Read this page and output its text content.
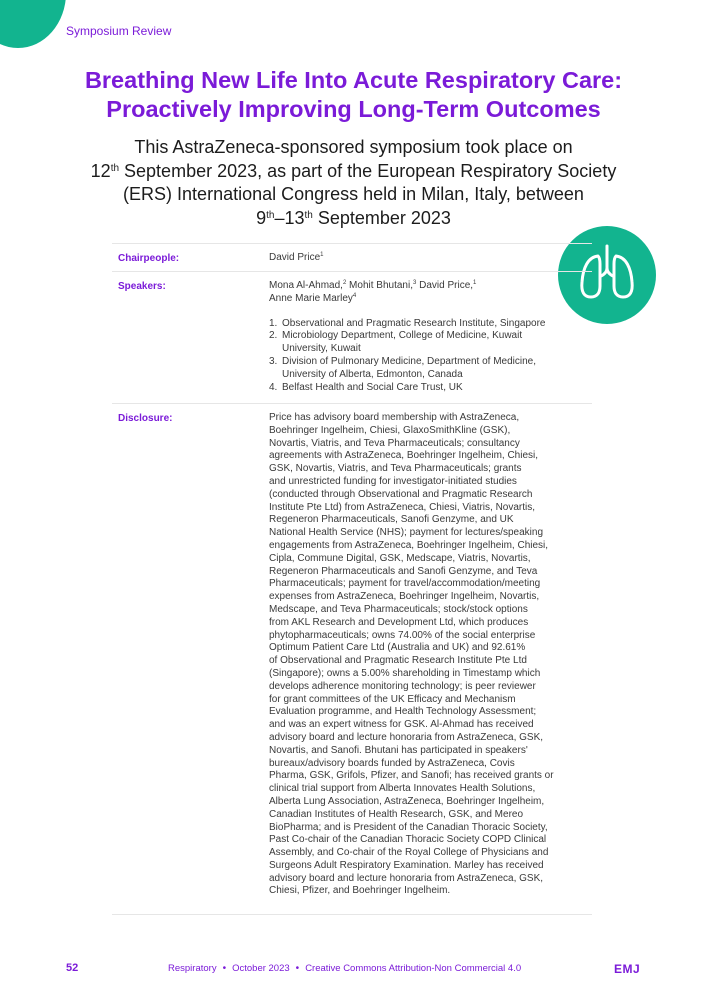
Symposium Review
Breathing New Life Into Acute Respiratory Care:
Proactively Improving Long-Term Outcomes

This AstraZeneca-sponsored symposium took place on
12th September 2023, as part of the European Respiratory Society
(ERS) International Congress held in Milan, Italy, between
9th–13th September 2023

Chairpeople:	David Price$^1$
Speakers:	Mona Al-Ahmad,$^2$ Mohit Bhutani,$^3$ David Price,$^1$
Anne Marie Marley$^4$
1. Observational and Pragmatic Research Institute, Singapore
2. Microbiology Department, College of Medicine, Kuwait
University, Kuwait
3. Division of Pulmonary Medicine, Department of Medicine,
University of Alberta, Edmonton, Canada
4. Belfast Health and Social Care Trust, UK
Disclosure:	Price has advisory board membership with AstraZeneca,
Boehringer Ingelheim, Chiesi, GlaxoSmithKline (GSK),
Novartis, Viatris, and Teva Pharmaceuticals; consultancy
agreements with AstraZeneca, Boehringer Ingelheim, Chiesi,
GSK, Novartis, Viatris, and Teva Pharmaceuticals; grants
and unrestricted funding for investigator-initiated studies
(conducted through Observational and Pragmatic Research
Institute Pte Ltd) from AstraZeneca, Chiesi, Viatris, Novartis,
Regeneron Pharmaceuticals, Sanofi Genzyme, and UK
National Health Service (NHS); payment for lectures/speaking
engagements from AstraZeneca, Boehringer Ingelheim, Chiesi,
Cipla, Commune Digital, GSK, Medscape, Viatris, Novartis,
Regeneron Pharmaceuticals and Sanofi Genzyme, and Teva
Pharmaceuticals; payment for travel/accommodation/meeting
expenses from AstraZeneca, Boehringer Ingelheim, Novartis,
Medscape, and Teva Pharmaceuticals; stock/stock options
from AKL Research and Development Ltd, which produces
phytopharmaceuticals; owns 74.00% of the social enterprise
Optimum Patient Care Ltd (Australia and UK) and 92.61%
of Observational and Pragmatic Research Institute Pte Ltd
(Singapore); owns a 5.00% shareholding in Timestamp which
develops adherence monitoring technology; is peer reviewer
for grant committees of the UK Efficacy and Mechanism
Evaluation programme, and Health Technology Assessment;
and was an expert witness for GSK. Al-Ahmad has received
advisory board and lecture honoraria from AstraZeneca, GSK,
Novartis, and Sanofi. Bhutani has participated in speakers'
bureaux/advisory boards funded by AstraZeneca, Covis
Pharma, GSK, Grifols, Pfizer, and Sanofi; has received grants or
clinical trial support from Alberta Innovates Health Solutions,
Alberta Lung Association, AstraZeneca, Boehringer Ingelheim,
Canadian Institutes of Health Research, GSK, and Mereo
BioPharma; and is President of the Canadian Thoracic Society,
Past Co-chair of the Canadian Thoracic Society COPD Clinical
Assembly, and Co-chair of the Royal College of Physicians and
Surgeons Adult Respiratory Examination. Marley has received
advisory board and lecture honoraria from AstraZeneca, GSK,
Chiesi, Pfizer, and Boehringer Ingelheim.

52	Respiratory • October 2023 • Creative Commons Attribution-Non Commercial 4.0	EMJ
